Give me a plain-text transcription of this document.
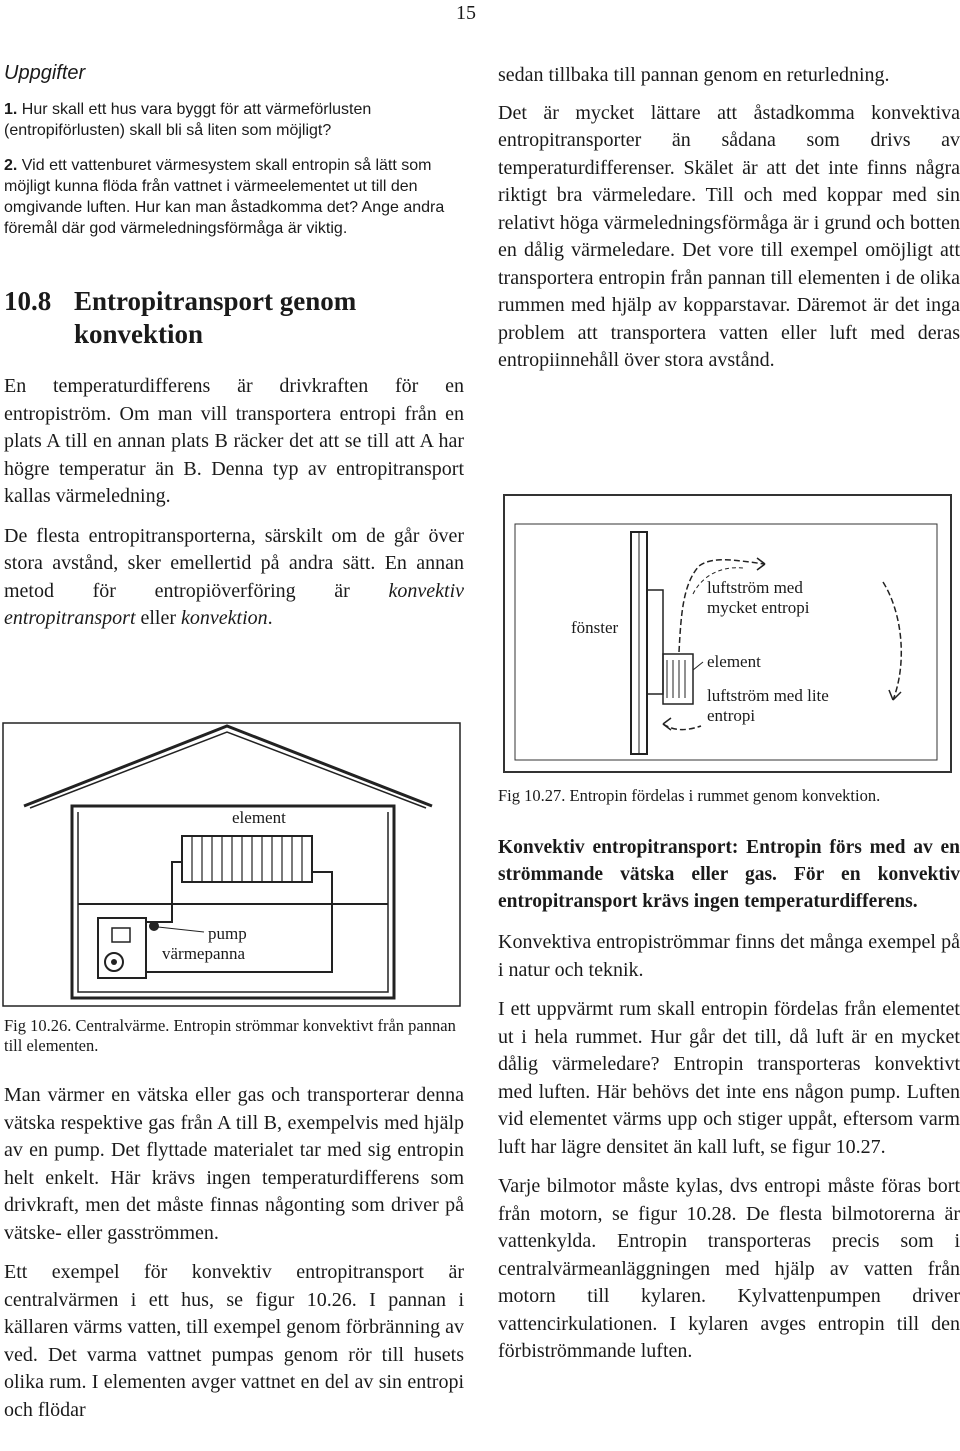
15
Uppgifter

1. Hur skall ett hus vara byggt för att värmeförlusten (entropiförlusten) skall bli så liten som möjligt?

2. Vid ett vattenburet värmesystem skall entropin så lätt som möjligt kunna flöda från vattnet i värmeelementet ut till den omgivande luften. Hur kan man åstadkomma det? Ange andra föremål där god värmeledningsförmåga är viktig.

10.8 Entropitransport genom konvektion

En temperaturdifferens är drivkraften för en entropiström. Om man vill transportera entropi från en plats A till en annan plats B räcker det att se till att A har högre temperatur än B. Denna typ av entropitransport kallas värmeledning.

De flesta entropitransporterna, särskilt om de går över stora avstånd, sker emellertid på andra sätt. En annan metod för entropiöverföring är konvektiv entropitransport eller konvektion.

element
pump
värmepanna

Fig 10.26. Centralvärme. Entropin strömmar konvektivt från pannan till elementen.

Man värmer en vätska eller gas och transporterar denna vätska respektive gas från A till B, exempelvis med hjälp av en pump. Det flyttade materialet tar med sig entropin helt enkelt. Här krävs ingen temperaturdifferens som drivkraft, men det måste finnas någonting som driver på vätske- eller gasströmmen.

Ett exempel för konvektiv entropitransport är centralvärmen i ett hus, se figur 10.26. I pannan i källaren värms vatten, till exempel genom förbränning av ved. Det varma vattnet pumpas genom rör till husets olika rum. I elementen avger vattnet en del av sin entropi och flödar

sedan tillbaka till pannan genom en returledning.

Det är mycket lättare att åstadkomma konvektiva entropitransporter än sådana som drivs av temperaturdifferenser. Skälet är att det inte finns några riktigt bra värmeledare. Till och med koppar med sin relativt höga värmeledningsförmåga är i grund och botten en dålig värmeledare. Det vore till exempel omöjligt att transportera entropin från pannan till elementen i de olika rummen med hjälp av kopparstavar. Däremot är det inga problem att transportera vatten eller luft med deras entropiinnehåll över stora avstånd.

fönster
luftström med mycket entropi
element
luftström med lite entropi

Fig 10.27. Entropin fördelas i rummet genom konvektion.

Konvektiv entropitransport: Entropin förs med av en strömmande vätska eller gas. För en konvektiv entropitransport krävs ingen temperaturdifferens.

Konvektiva entropiströmmar finns det många exempel på i natur och teknik.

I ett uppvärmt rum skall entropin fördelas från elementet ut i hela rummet. Hur går det till, då luft är en mycket dålig värmeledare? Entropin transporteras konvektivt med luften. Här behövs det inte ens någon pump. Luften vid elementet värms upp och stiger uppåt, eftersom varm luft har lägre densitet än kall luft, se figur 10.27.

Varje bilmotor måste kylas, dvs entropi måste föras bort från motorn, se figur 10.28. De flesta bilmotorerna är vattenkylda. Entropin transporteras precis som i centralvärmeanläggningen med hjälp av vatten från motorn till kylaren. Kylvattenpumpen driver vattencirkulationen. I kylaren avges entropin till den förbiströmmande luften.
